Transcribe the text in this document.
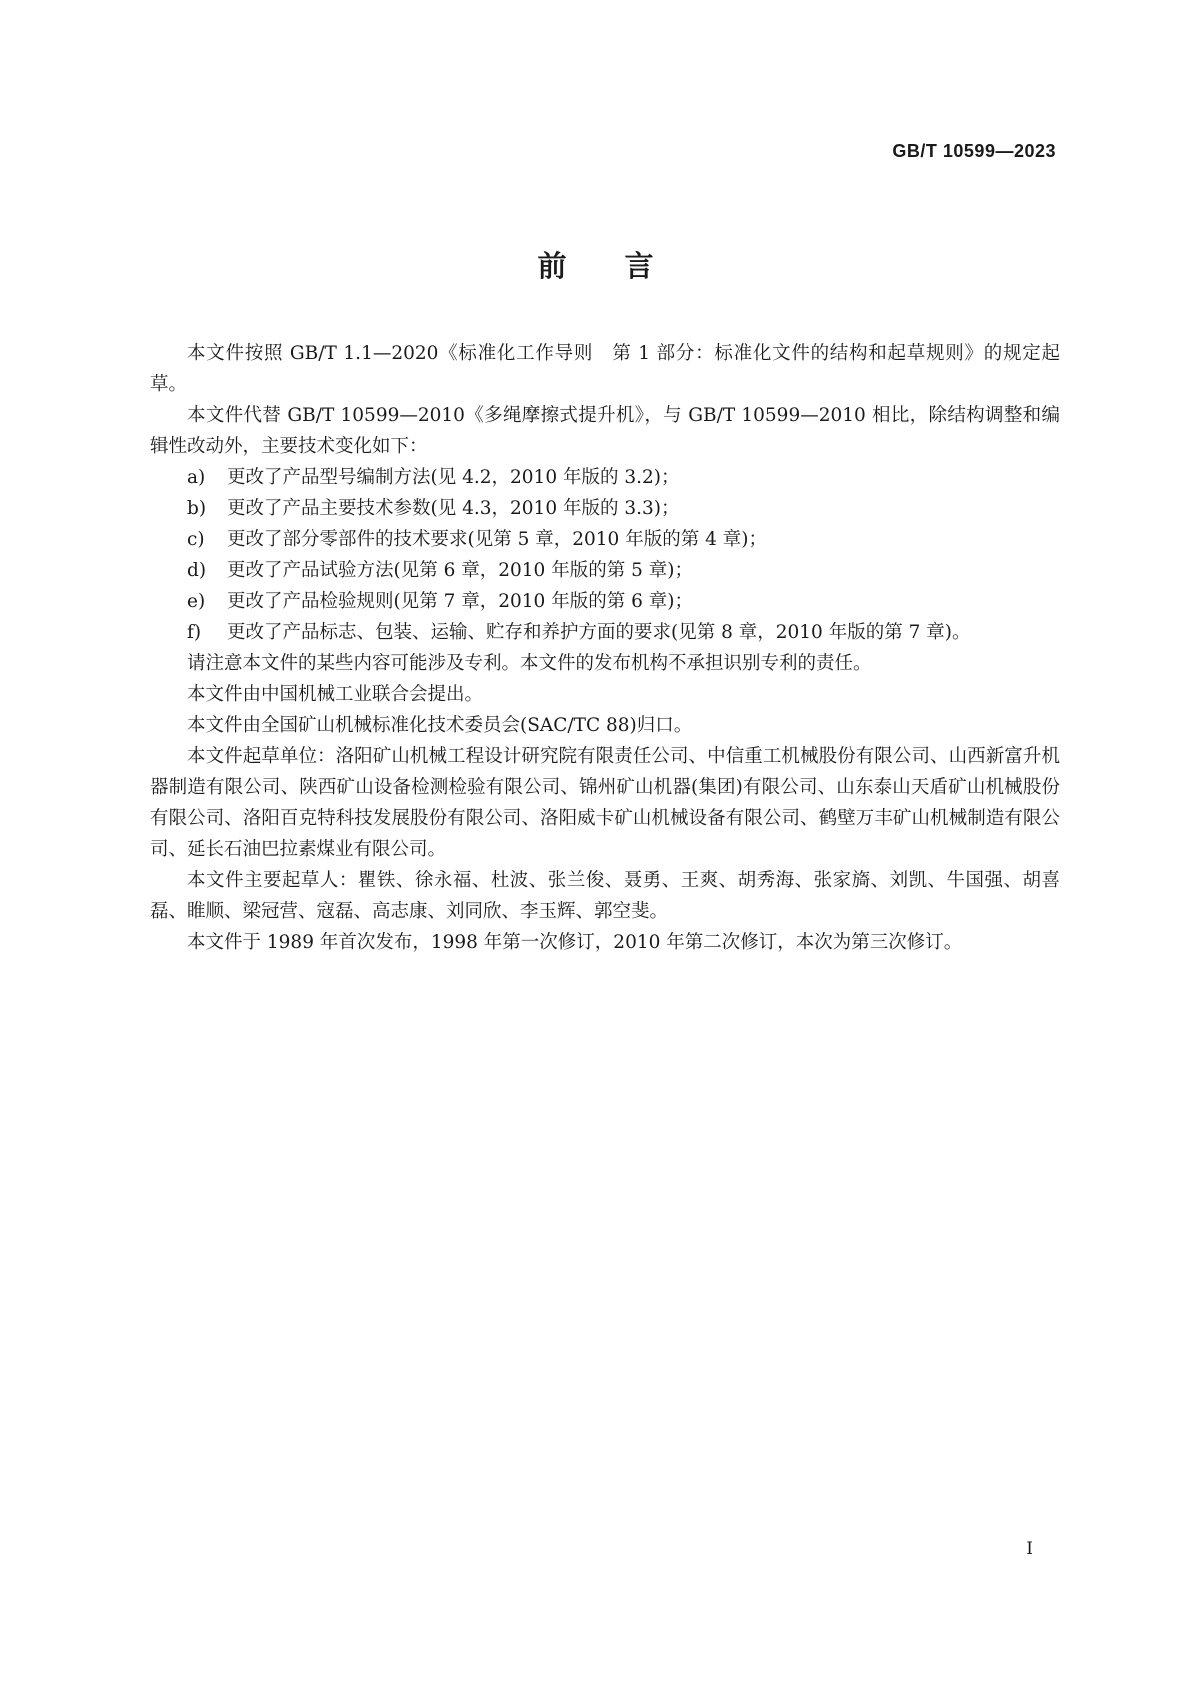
GB/T 10599—2023
前言

本文件按照 GB/T 1.1—2020《标准化工作导则　第 1 部分：标准化文件的结构和起草规则》的规定起草。

本文件代替 GB/T 10599—2010《多绳摩擦式提升机》，与 GB/T 10599—2010 相比，除结构调整和编辑性改动外，主要技术变化如下：

a)	更改了产品型号编制方法(见 4.2，2010 年版的 3.2)；
b)	更改了产品主要技术参数(见 4.3，2010 年版的 3.3)；
c)	更改了部分零部件的技术要求(见第 5 章，2010 年版的第 4 章)；
d)	更改了产品试验方法(见第 6 章，2010 年版的第 5 章)；
e)	更改了产品检验规则(见第 7 章，2010 年版的第 6 章)；
f)	更改了产品标志、包装、运输、贮存和养护方面的要求(见第 8 章，2010 年版的第 7 章)。

请注意本文件的某些内容可能涉及专利。本文件的发布机构不承担识别专利的责任。

本文件由中国机械工业联合会提出。

本文件由全国矿山机械标准化技术委员会(SAC/TC 88)归口。

本文件起草单位：洛阳矿山机械工程设计研究院有限责任公司、中信重工机械股份有限公司、山西新富升机器制造有限公司、陕西矿山设备检测检验有限公司、锦州矿山机器(集团)有限公司、山东泰山天盾矿山机械股份有限公司、洛阳百克特科技发展股份有限公司、洛阳威卡矿山机械设备有限公司、鹤壁万丰矿山机械制造有限公司、延长石油巴拉素煤业有限公司。

本文件主要起草人：瞿铁、徐永福、杜波、张兰俊、聂勇、王爽、胡秀海、张家旖、刘凯、牛国强、胡喜磊、睢顺、梁冠营、寇磊、高志康、刘同欣、李玉辉、郭空斐。

本文件于 1989 年首次发布，1998 年第一次修订，2010 年第二次修订，本次为第三次修订。

I
